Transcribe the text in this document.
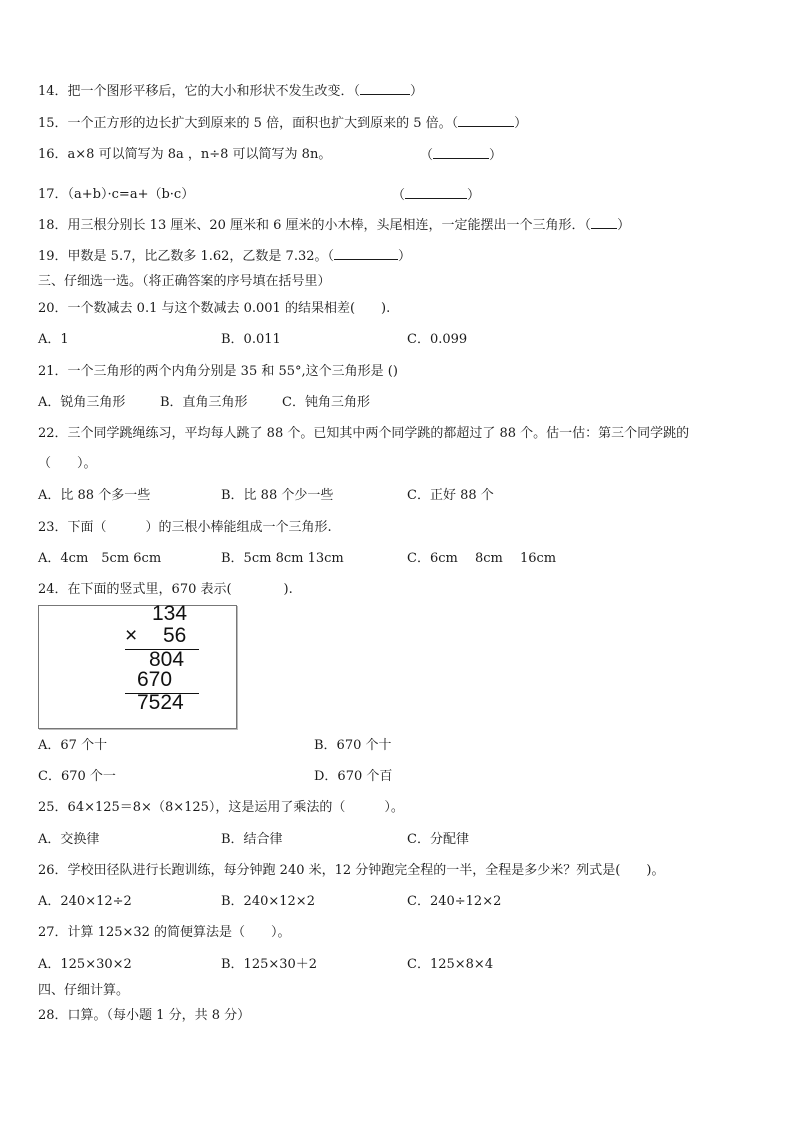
14．把一个图形平移后，它的大小和形状不发生改变．（	）
15．一个正方形的边长扩大到原来的 5 倍，面积也扩大到原来的 5 倍。（	）
16．a×8 可以简写为 8a ，n÷8 可以简写为 8n。	（	）
17．（a+b）·c=a+（b·c）	（	）
18．用三根分别长 13 厘米、20 厘米和 6 厘米的小木棒，头尾相连，一定能摆出一个三角形．（ ）
19．甲数是 5.7，比乙数多 1.62，乙数是 7.32。（	）
三、仔细选一选。（将正确答案的序号填在括号里）
20．一个数减去 0.1 与这个数减去 0.001 的结果相差(　　).
A．1	B．0.011	C．0.099
21．一个三角形的两个内角分别是 35 和 55°,这个三角形是 ()
A．锐角三角形	B．直角三角形	C．钝角三角形
22．三个同学跳绳练习，平均每人跳了 88 个。已知其中两个同学跳的都超过了 88 个。估一估：第三个同学跳的
（　　）。
A．比 88 个多一些	B．比 88 个少一些	C．正好 88 个
23．下面（　　　）的三根小棒能组成一个三角形.
A．4cm　5cm 6cm	B．5cm 8cm 13cm	C．6cm　 8cm　 16cm
24．在下面的竖式里，670 表示(　　　　).
134
× 56
804
670
7524
A．67 个十	B．670 个十
C．670 个一	D．670 个百
25．64×125＝8×（8×125），这是运用了乘法的（　　　）。
A．交换律	B．结合律	C．分配律
26．学校田径队进行长跑训练，每分钟跑 240 米，12 分钟跑完全程的一半，全程是多少米？列式是(　　)。
A．240×12÷2	B．240×12×2	C．240÷12×2
27．计算 125×32 的简便算法是（　　）。
A．125×30×2	B．125×30＋2	C．125×8×4
四、仔细计算。
28．口算。（每小题 1 分，共 8 分）
